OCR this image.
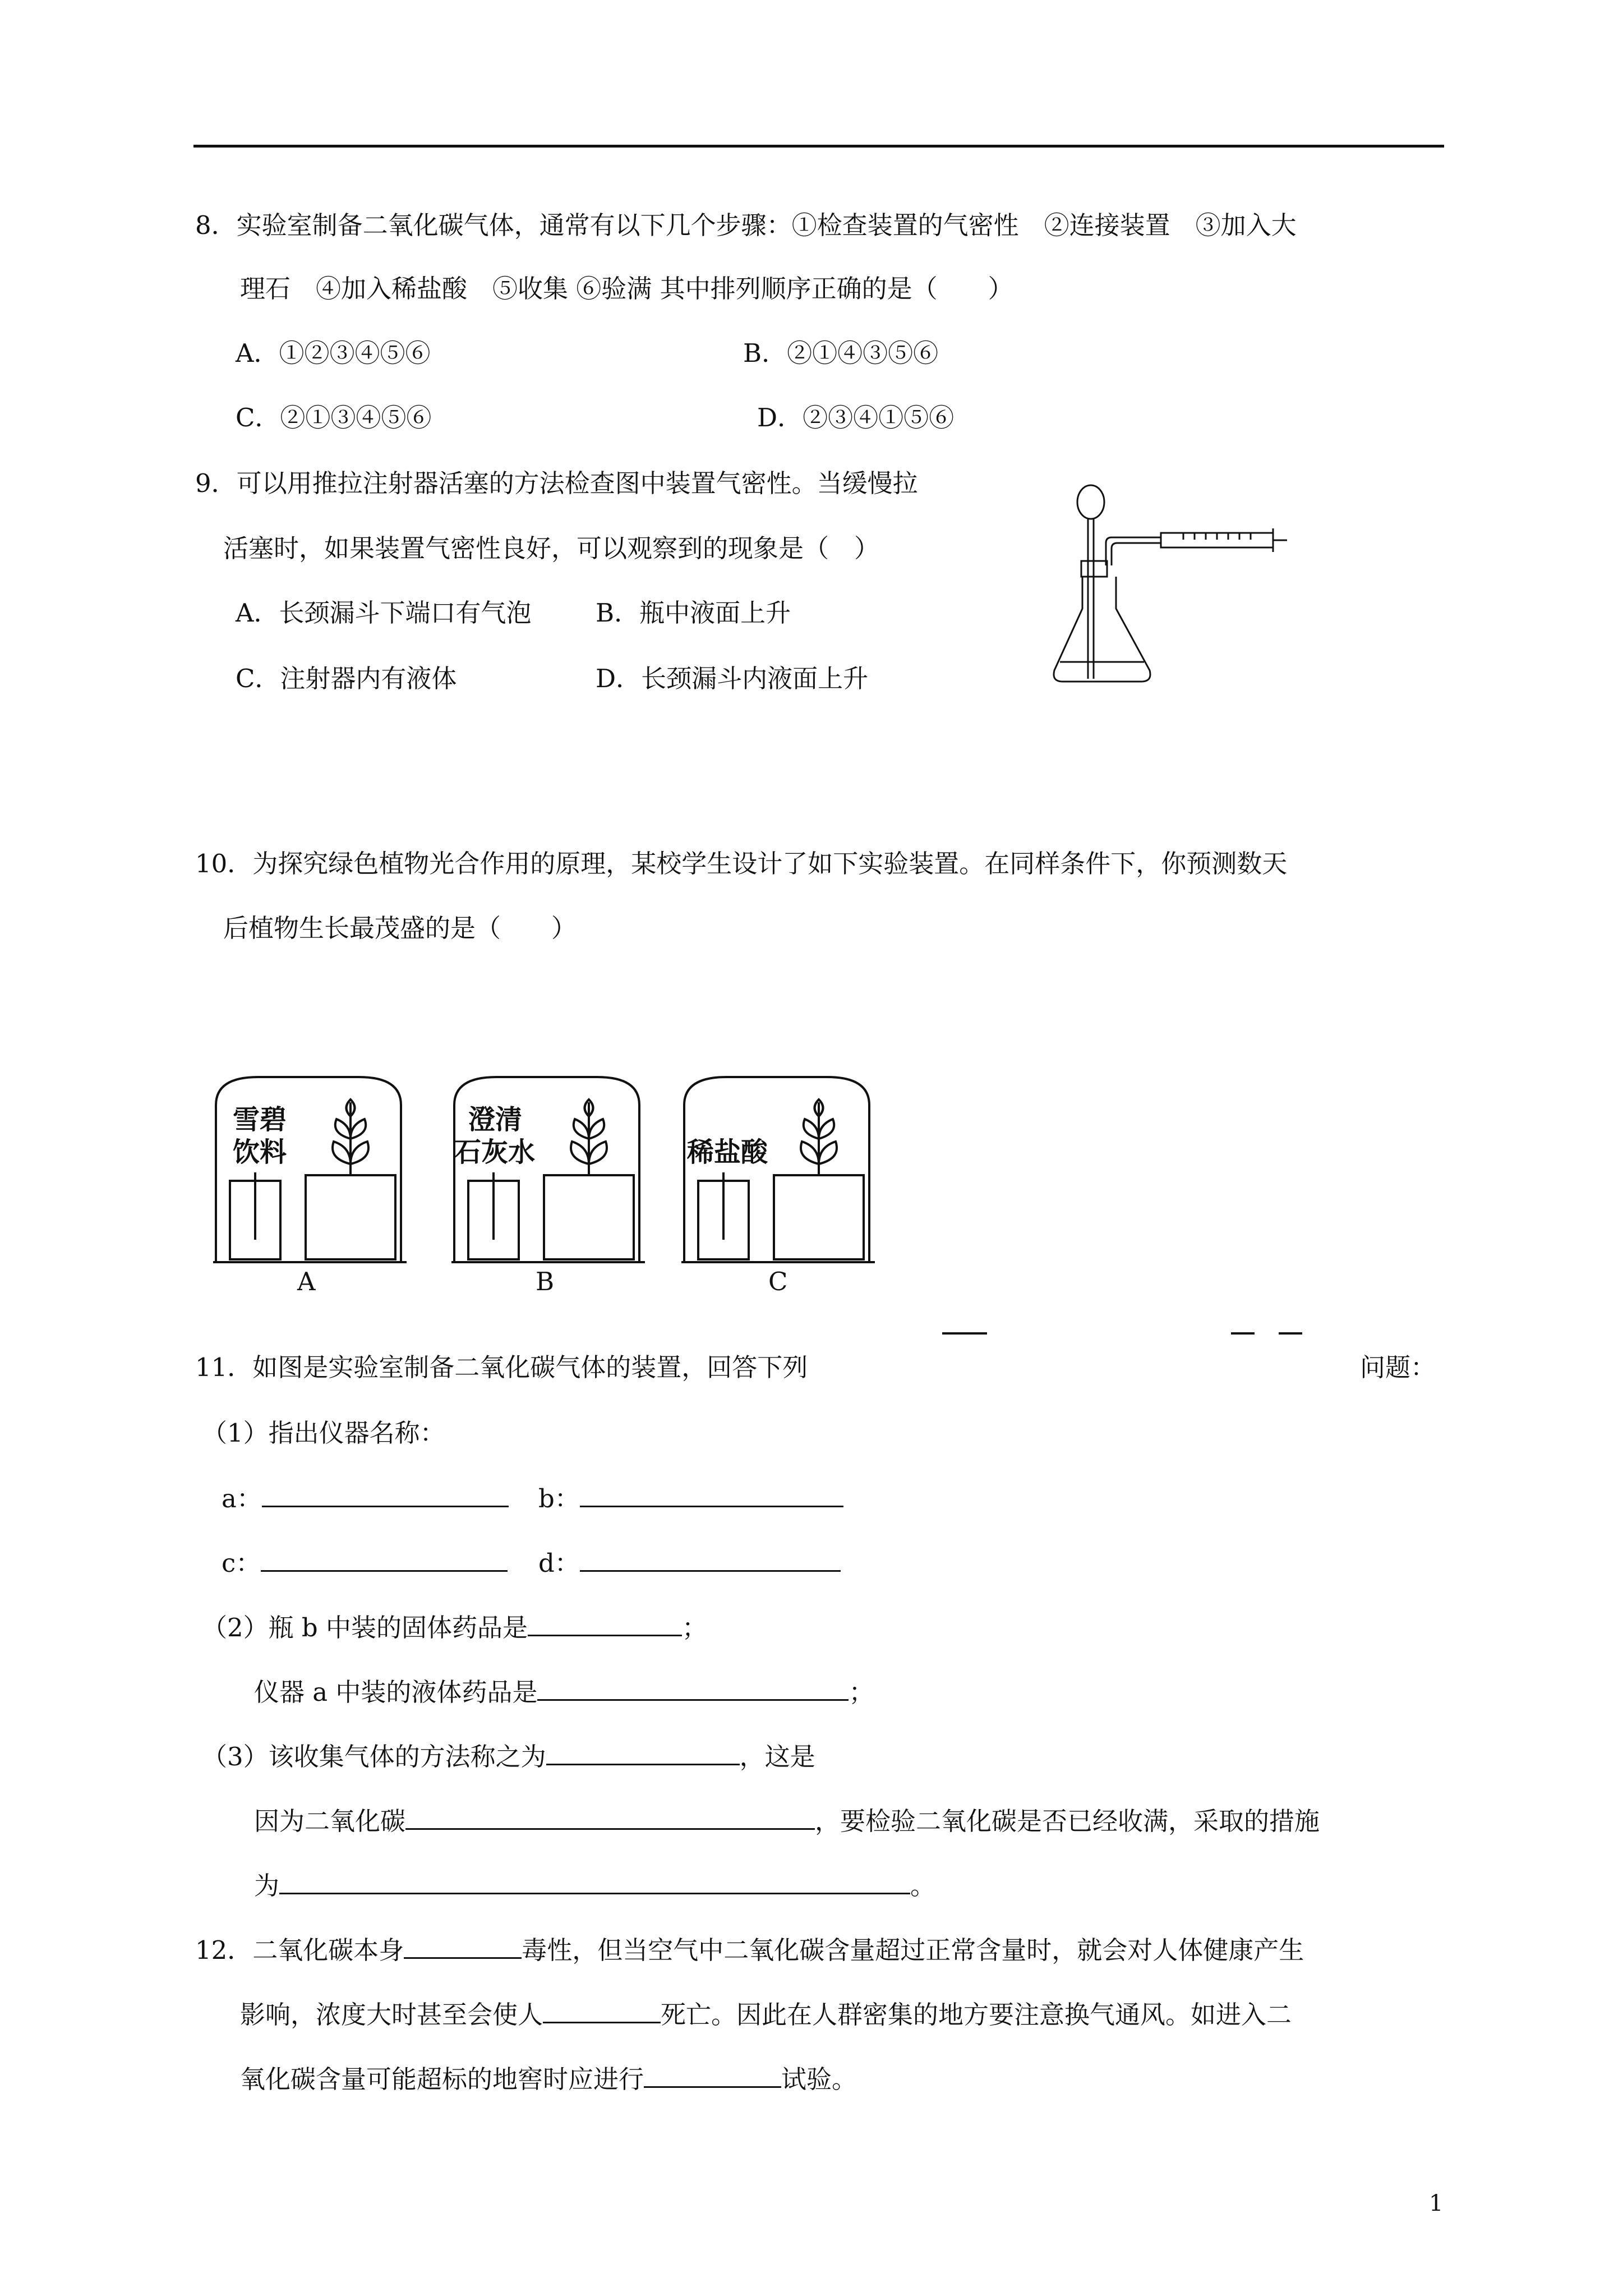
8．实验室制备二氧化碳气体，通常有以下几个步骤：①检查装置的气密性　②连接装置　③加入大
理石　④加入稀盐酸　⑤收集 ⑥验满 其中排列顺序正确的是（　　）
A．①②③④⑤⑥	B．②①④③⑤⑥
C．②①③④⑤⑥	D．②③④①⑤⑥
9．可以用推拉注射器活塞的方法检查图中装置气密性。当缓慢拉
活塞时，如果装置气密性良好，可以观察到的现象是（　）
A．长颈漏斗下端口有气泡	B．瓶中液面上升
C．注射器内有液体	D．长颈漏斗内液面上升
10．为探究绿色植物光合作用的原理，某校学生设计了如下实验装置。在同样条件下，你预测数天
后植物生长最茂盛的是（　　）
雪碧
饮料
A
澄清
石灰水
B
稀盐酸
C
11．如图是实验室制备二氧化碳气体的装置，回答下列	问题：
（1）指出仪器名称：
a：	b：
c：	d：
（2）瓶 b 中装的固体药品是	；
仪器 a 中装的液体药品是	；
（3）该收集气体的方法称之为	，这是
因为二氧化碳	，要检验二氧化碳是否已经收满，采取的措施
为	。
12．二氧化碳本身	毒性，但当空气中二氧化碳含量超过正常含量时，就会对人体健康产生
影响，浓度大时甚至会使人	死亡。因此在人群密集的地方要注意换气通风。如进入二
氧化碳含量可能超标的地窖时应进行	试验。
1
